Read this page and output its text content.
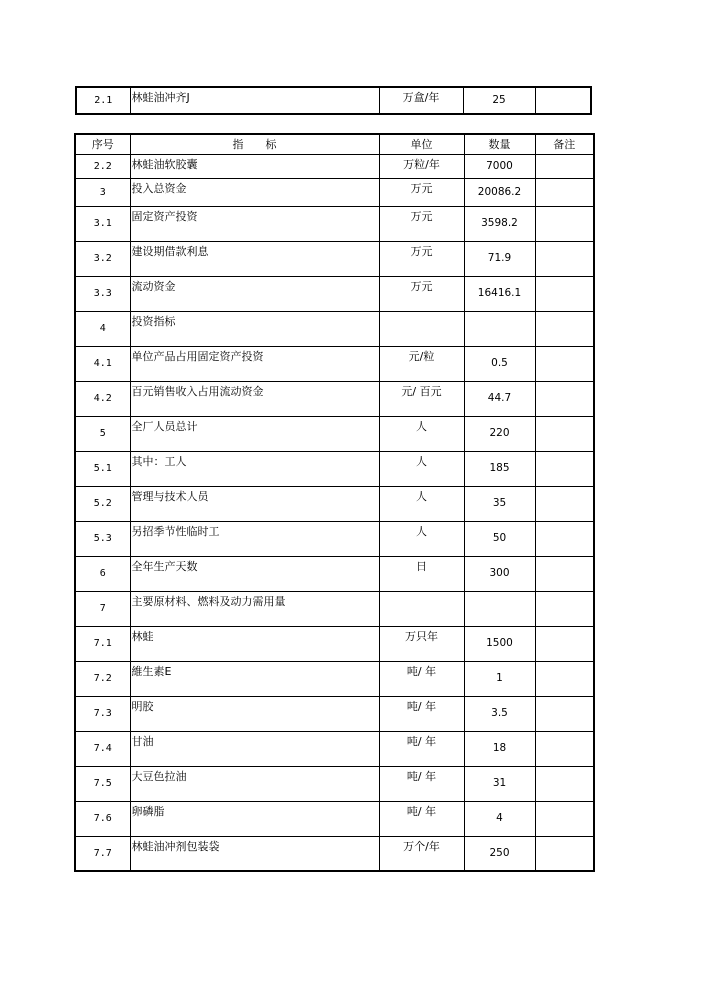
2.1	林蛙油冲齐J	万盒/年	25	
序号	指　　标	单位	数量	备注
2.2	林蛙油软胶囊	万粒/年	7000	
3	投入总资金	万元	20086.2	
3.1	固定资产投资	万元	3598.2	
3.2	建设期借款利息	万元	71.9	
3.3	流动资金	万元	16416.1	
4	投资指标			
4.1	单位产品占用固定资产投资	元/粒	0.5	
4.2	百元销售收入占用流动资金	元/ 百元	44.7	
5	全厂人员总计	人	220	
5.1	其中：工人	人	185	
5.2	管理与技术人员	人	35	
5.3	另招季节性临时工	人	50	
6	全年生产天数	日	300	
7	主要原材料、燃料及动力需用量			
7.1	林蛙	万只年	1500	
7.2	維生素E	吨/ 年	1	
7.3	明胶	吨/ 年	3.5	
7.4	甘油	吨/ 年	18	
7.5	大豆色拉油	吨/ 年	31	
7.6	卵磷脂	吨/ 年	4	
7.7	林蛙油冲剂包装袋	万个/年	250	
